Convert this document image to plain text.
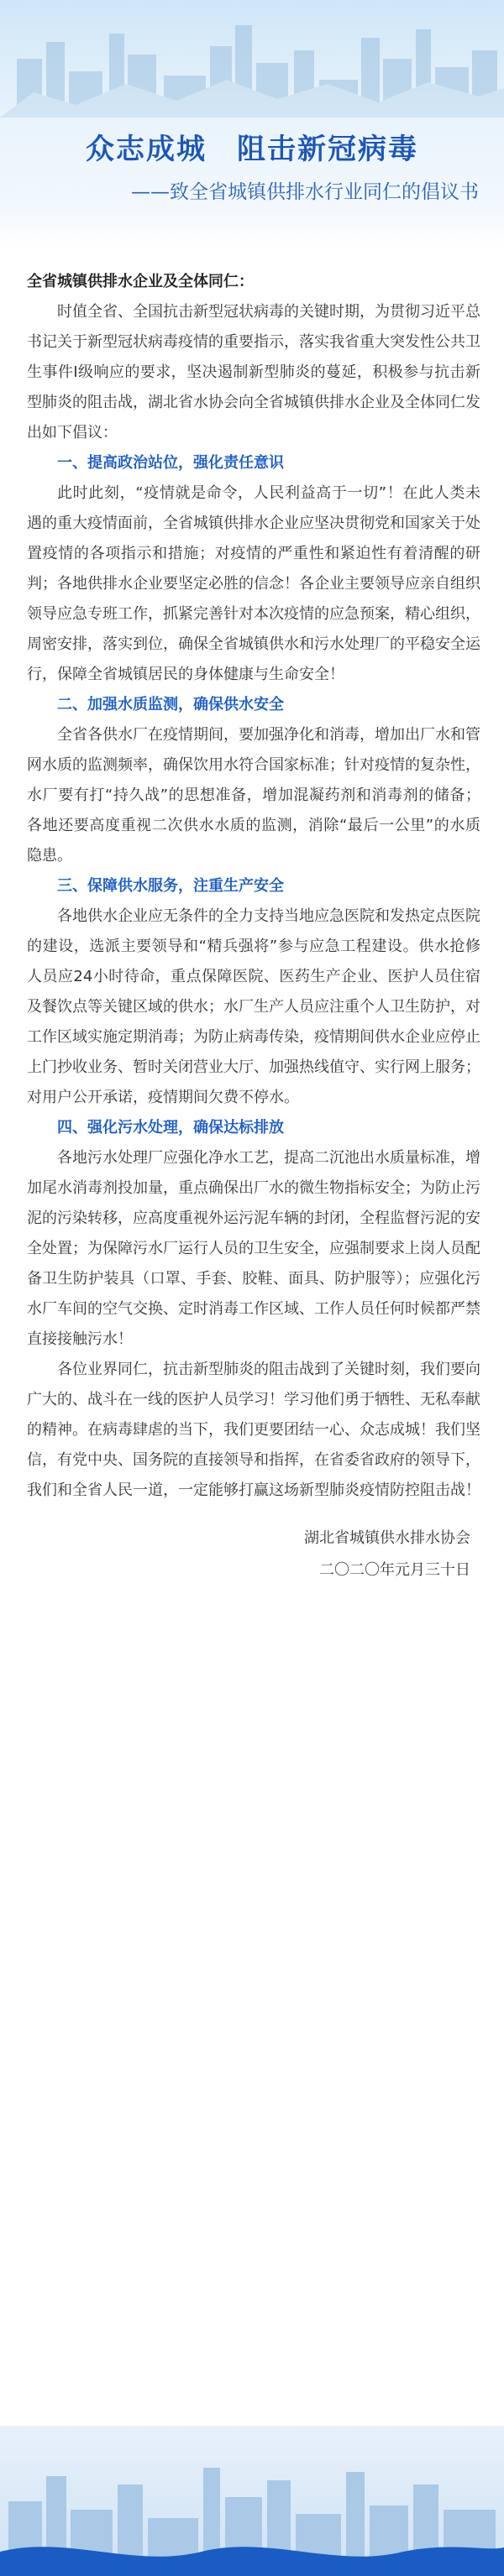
众志成城　阻击新冠病毒
——致全省城镇供排水行业同仁的倡议书

全省城镇供排水企业及全体同仁：

时值全省、全国抗击新型冠状病毒的关键时期，为贯彻习近平总书记关于新型冠状病毒疫情的重要指示，落实我省重大突发性公共卫生事件I级响应的要求，坚决遏制新型肺炎的蔓延，积极参与抗击新型肺炎的阻击战，湖北省水协会向全省城镇供排水企业及全体同仁发出如下倡议：

一、提高政治站位，强化责任意识

此时此刻，“疫情就是命令，人民利益高于一切”！在此人类未遇的重大疫情面前，全省城镇供排水企业应坚决贯彻党和国家关于处置疫情的各项指示和措施；对疫情的严重性和紧迫性有着清醒的研判；各地供排水企业要坚定必胜的信念！各企业主要领导应亲自组织领导应急专班工作，抓紧完善针对本次疫情的应急预案，精心组织，周密安排，落实到位，确保全省城镇供水和污水处理厂的平稳安全运行，保障全省城镇居民的身体健康与生命安全！

二、加强水质监测，确保供水安全

全省各供水厂在疫情期间，要加强净化和消毒，增加出厂水和管网水质的监测频率，确保饮用水符合国家标准；针对疫情的复杂性，水厂要有打“持久战”的思想准备，增加混凝药剂和消毒剂的储备；各地还要高度重视二次供水水质的监测，消除“最后一公里”的水质隐患。

三、保障供水服务，注重生产安全

各地供水企业应无条件的全力支持当地应急医院和发热定点医院的建设，选派主要领导和“精兵强将”参与应急工程建设。供水抢修人员应24小时待命，重点保障医院、医药生产企业、医护人员住宿及餐饮点等关键区域的供水；水厂生产人员应注重个人卫生防护，对工作区域实施定期消毒；为防止病毒传染，疫情期间供水企业应停止上门抄收业务、暂时关闭营业大厅、加强热线值守、实行网上服务；对用户公开承诺，疫情期间欠费不停水。

四、强化污水处理，确保达标排放

各地污水处理厂应强化净水工艺，提高二沉池出水质量标准，增加尾水消毒剂投加量，重点确保出厂水的微生物指标安全；为防止污泥的污染转移，应高度重视外运污泥车辆的封闭，全程监督污泥的安全处置；为保障污水厂运行人员的卫生安全，应强制要求上岗人员配备卫生防护装具（口罩、手套、胶鞋、面具、防护服等）；应强化污水厂车间的空气交换、定时消毒工作区域、工作人员任何时候都严禁直接接触污水！

各位业界同仁，抗击新型肺炎的阻击战到了关键时刻，我们要向广大的、战斗在一线的医护人员学习！学习他们勇于牺牲、无私奉献的精神。在病毒肆虐的当下，我们更要团结一心、众志成城！我们坚信，有党中央、国务院的直接领导和指挥，在省委省政府的领导下，我们和全省人民一道，一定能够打赢这场新型肺炎疫情防控阻击战！

湖北省城镇供水排水协会
二〇二〇年元月三十日
